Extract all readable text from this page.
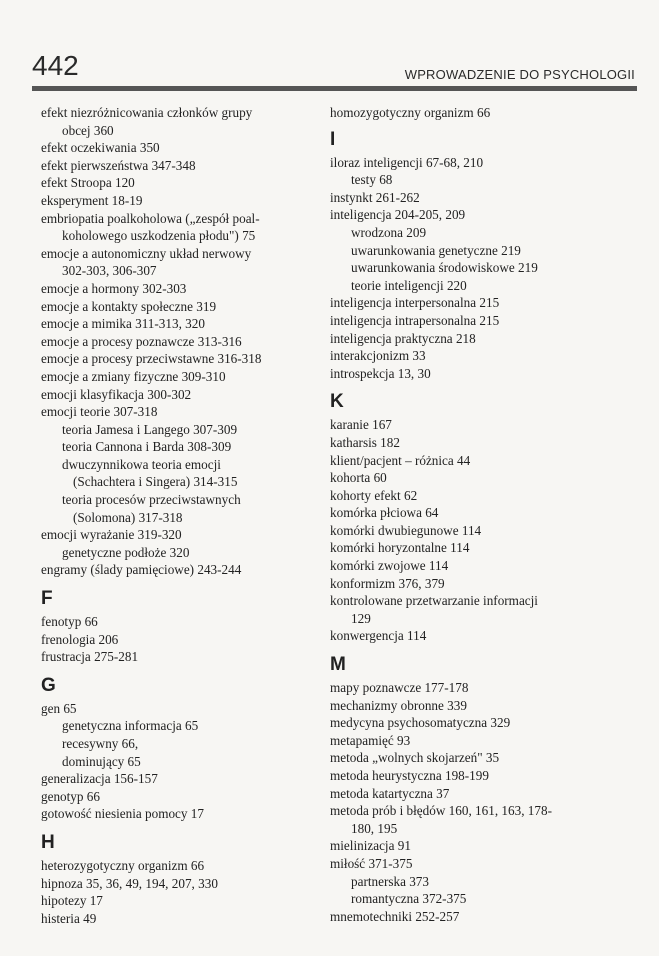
442	WPROWADZENIE DO PSYCHOLOGII
efekt niezróżnicowania członków grupy
obcej 360
efekt oczekiwania 350
efekt pierwszeństwa 347-348
efekt Stroopa 120
eksperyment 18-19
embriopatia poalkoholowa („zespół poal-
koholowego uszkodzenia płodu") 75
emocje a autonomiczny układ nerwowy
302-303, 306-307
emocje a hormony 302-303
emocje a kontakty społeczne 319
emocje a mimika 311-313, 320
emocje a procesy poznawcze 313-316
emocje a procesy przeciwstawne 316-318
emocje a zmiany fizyczne 309-310
emocji klasyfikacja 300-302
emocji teorie 307-318
teoria Jamesa i Langego 307-309
teoria Cannona i Barda 308-309
dwuczynnikowa teoria emocji
(Schachtera i Singera) 314-315
teoria procesów przeciwstawnych
(Solomona) 317-318
emocji wyrażanie 319-320
genetyczne podłoże 320
engramy (ślady pamięciowe) 243-244
F
fenotyp 66
frenologia 206
frustracja 275-281
G
gen 65
genetyczna informacja 65
recesywny 66,
dominujący 65
generalizacja 156-157
genotyp 66
gotowość niesienia pomocy 17
H
heterozygotyczny organizm 66
hipnoza 35, 36, 49, 194, 207, 330
hipotezy 17
histeria 49
homozygotyczny organizm 66
I
iloraz inteligencji 67-68, 210
testy 68
instynkt 261-262
inteligencja 204-205, 209
wrodzona 209
uwarunkowania genetyczne 219
uwarunkowania środowiskowe 219
teorie inteligencji 220
inteligencja interpersonalna 215
inteligencja intrapersonalna 215
inteligencja praktyczna 218
interakcjonizm 33
introspekcja 13, 30
K
karanie 167
katharsis 182
klient/pacjent – różnica 44
kohorta 60
kohorty efekt 62
komórka płciowa 64
komórki dwubiegunowe 114
komórki horyzontalne 114
komórki zwojowe 114
konformizm 376, 379
kontrolowane przetwarzanie informacji
129
konwergencja 114
M
mapy poznawcze 177-178
mechanizmy obronne 339
medycyna psychosomatyczna 329
metapamięć 93
metoda „wolnych skojarzeń" 35
metoda heurystyczna 198-199
metoda katartyczna 37
metoda prób i błędów 160, 161, 163, 178-
180, 195
mielinizacja 91
miłość 371-375
partnerska 373
romantyczna 372-375
mnemotechniki 252-257
